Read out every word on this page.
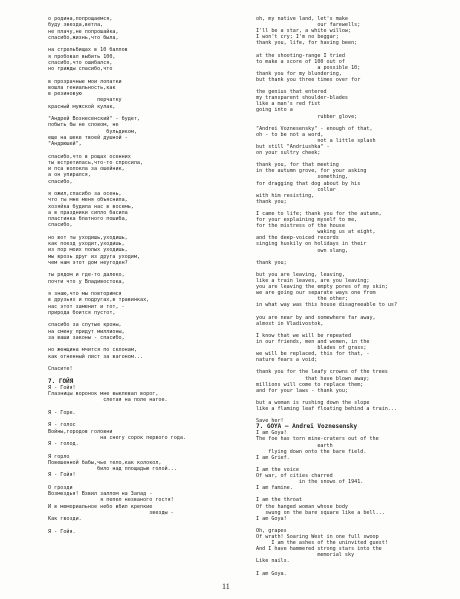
о родина,попрощаемся,
буду звезда,ветла,
не плачу,не попрошайка,
спасибо,жизнь,что была,
на стрельбищах в 10 баллов
я пробовал выбить 100,
спасибо,что ошибался,
но трижды спасибо,что
в прозрачные мои лопатки
вошла гениальность,как
в резиновую
перчатку
красный мужской кулак,
"Андрей Вознесенский" - будет,
побыть бы не словом, не
бульдиком,
еще на шеке твоей душной -
"Андрюшей",
спасибо,что в рощах осенних
ты встретилась,что-то спросила,
и пса волокла за ошейник,
а он упирался,
спасибо,
я ожил,спасибо за осень,
что ты мне меня объяснила,
хозяйка будила нас в восемь,
а в праздники сипло басила
пластинка блатного пошиба,
спасибо,
но вот ты уходишь,уходишь,
как поезд уходит,уходишь,
из пор моих полых уходишь,
мы врозь друг из друга уходим,
чем нам этот дом неугоден?
ты рядом и где-то далеко,
почти что у Владивостока,
я знаю,что мы повторимся
в друзьях и подругах,в травинках,
нас этот заменит и тот, -
природа боится пустот,
спасибо за слутые кроны,
на смену придут миллионы,
за ваши законы - спасибо,
но женщина мчится по склонам,
как огненный лист за вагоном...
Спасите!
7. ГОЙЯ
Я - Гойя!
Глазницы воронок мне выклевал ворог,
слетая на поле нагое.
Я - Горе.
Я - голос
Войны,городов головни
на снегу сорок первого года.
Я - голод.
Я горло
Повешенной бабы,чье тело,как колокол,
било над площадью голой...
Я - Гойя!
О грозди
Возмездья! Взвил залпом на Запад -
я пепел незваного гостя!
И в мемориальное небо вбил крепкие
звезды -
Как гвозди.
Я - Гойя.
oh, my native land, let's make
our farewells;
I'll be a star, a white willow;
I won't cry; I'm no beggar;
thank you, life, for having been;
at the shooting-range I tried
to make a score of 100 out of
a possible 10;
thank you for my blundering,
but thank you three times over for
the genius that entered
my transparent shoulder-blades
like a man's red fist
going into a
rubber glove;
"Andrei Voznesensky" - enough of that,
oh - to be not a word,
not a little splash
but still "Andriushka" -
on your sultry cheek;
thank you, for that meeting
in the autumn grove, for your asking
something,
for dragging that dog about by his
collar
with him resisting,
thank you;
I came to life; thank you for the autumn,
for your explaining myself to me,
for the mistress of the house
waking us at eight,
and the deep-voiced records
singing huskily on holidays in their
own slang,
thank you;
but you are leaving, leaving,
like a train leaves, are you leaving;
you are leaving the empty pores of my skin;
we are going our separate ways one from
the other;
in what way was this house disagreeable to us?
you are near by and somewhere far away,
almost in Vladivostok,
I know that we will be repeated
in our friends, men and women, in the
blades of grass;
we will be replaced, this for that, -
nature fears a void;
thank you for the leafy crowns of the trees
that have blown away;
millions will come to replace them;
and for your laws - thank you;
but a woman is rushing down the slope
like a flaming leaf floating behind a train...
Save her!
7. GOYA — Andrei Voznesensky
I am Goya!
The foe has torn mine-craters out of the
earth
flying down onto the bare field.
I am Grief.
I am the voice
Of war, of cities charred
in the snows of 1941.
I am famine.
I am the throat
Of the hanged woman whose body
swung on the bare square like a bell...
I am Goya!
Oh, grapes
Of wrath! Soaring West in one full swoop
I am the ashes of the uninvited guest!
And I have hammered strong stars into the
memorial sky
Like nails.
I am Goya.
11
